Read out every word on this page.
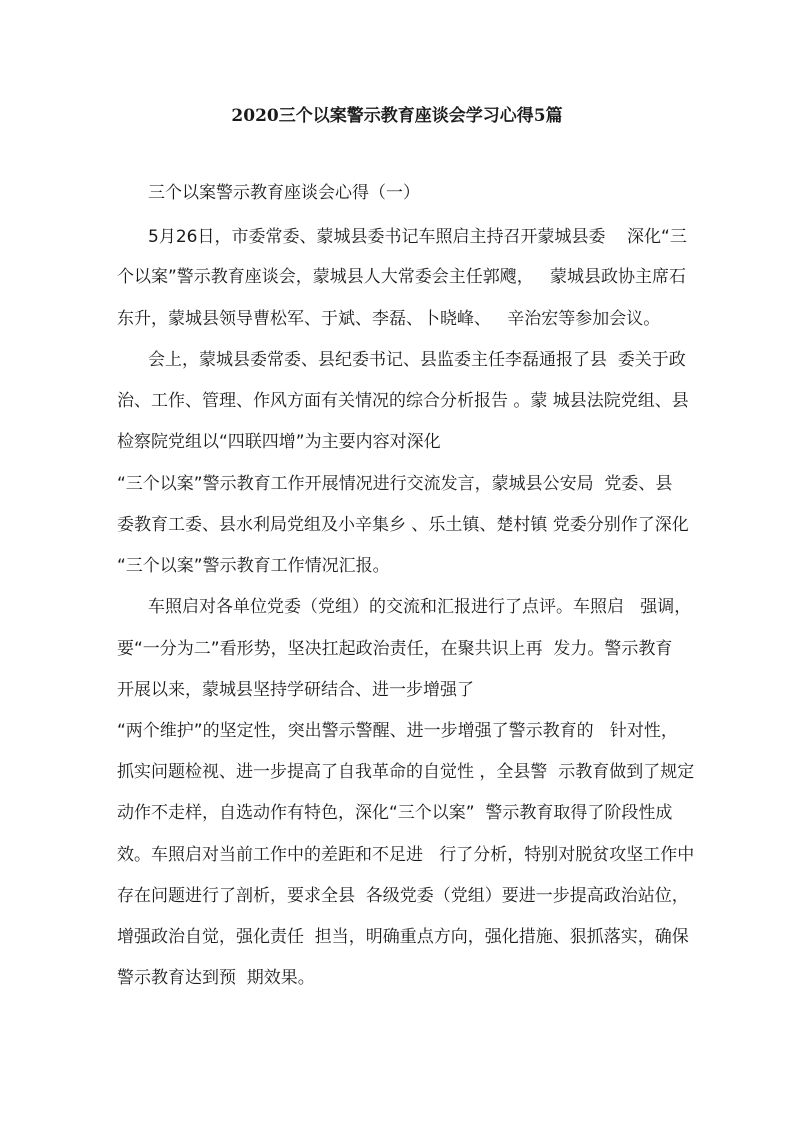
2020三个以案警示教育座谈会学习心得5篇

三个以案警示教育座谈会心得（一）

5月26日，市委常委、蒙城县委书记车照启主持召开蒙城县委    深化“三

个以案”警示教育座谈会，蒙城县人大常委会主任郭飕，   蒙城县政协主席石

东升，蒙城县领导曹松军、于斌、李磊、卜晓峰、   辛治宏等参加会议。

会上，蒙城县委常委、县纪委书记、县监委主任李磊通报了县  委关于政

治、工作、管理、作风方面有关情况的综合分析报告 。蒙 城县法院党组、县

检察院党组以“四联四增”为主要内容对深化

“三个以案”警示教育工作开展情况进行交流发言，蒙城县公安局  党委、县

委教育工委、县水利局党组及小辛集乡 、乐土镇、楚村镇 党委分别作了深化

“三个以案”警示教育工作情况汇报。

车照启对各单位党委（党组）的交流和汇报进行了点评。车照启   强调，

要“一分为二”看形势，坚决扛起政治责任，在聚共识上再  发力。警示教育

开展以来，蒙城县坚持学研结合、进一步增强了

“两个维护”的坚定性，突出警示警醒、进一步增强了警示教育的   针对性，

抓实问题检视、进一步提高了自我革命的自觉性 ，全县警  示教育做到了规定

动作不走样，自选动作有特色，深化“三个以案”  警示教育取得了阶段性成

效。车照启对当前工作中的差距和不足进   行了分析，特别对脱贫攻坚工作中

存在问题进行了剖析，要求全县  各级党委（党组）要进一步提高政治站位，

增强政治自觉，强化责任  担当，明确重点方向，强化措施、狠抓落实，确保

警示教育达到预  期效果。
